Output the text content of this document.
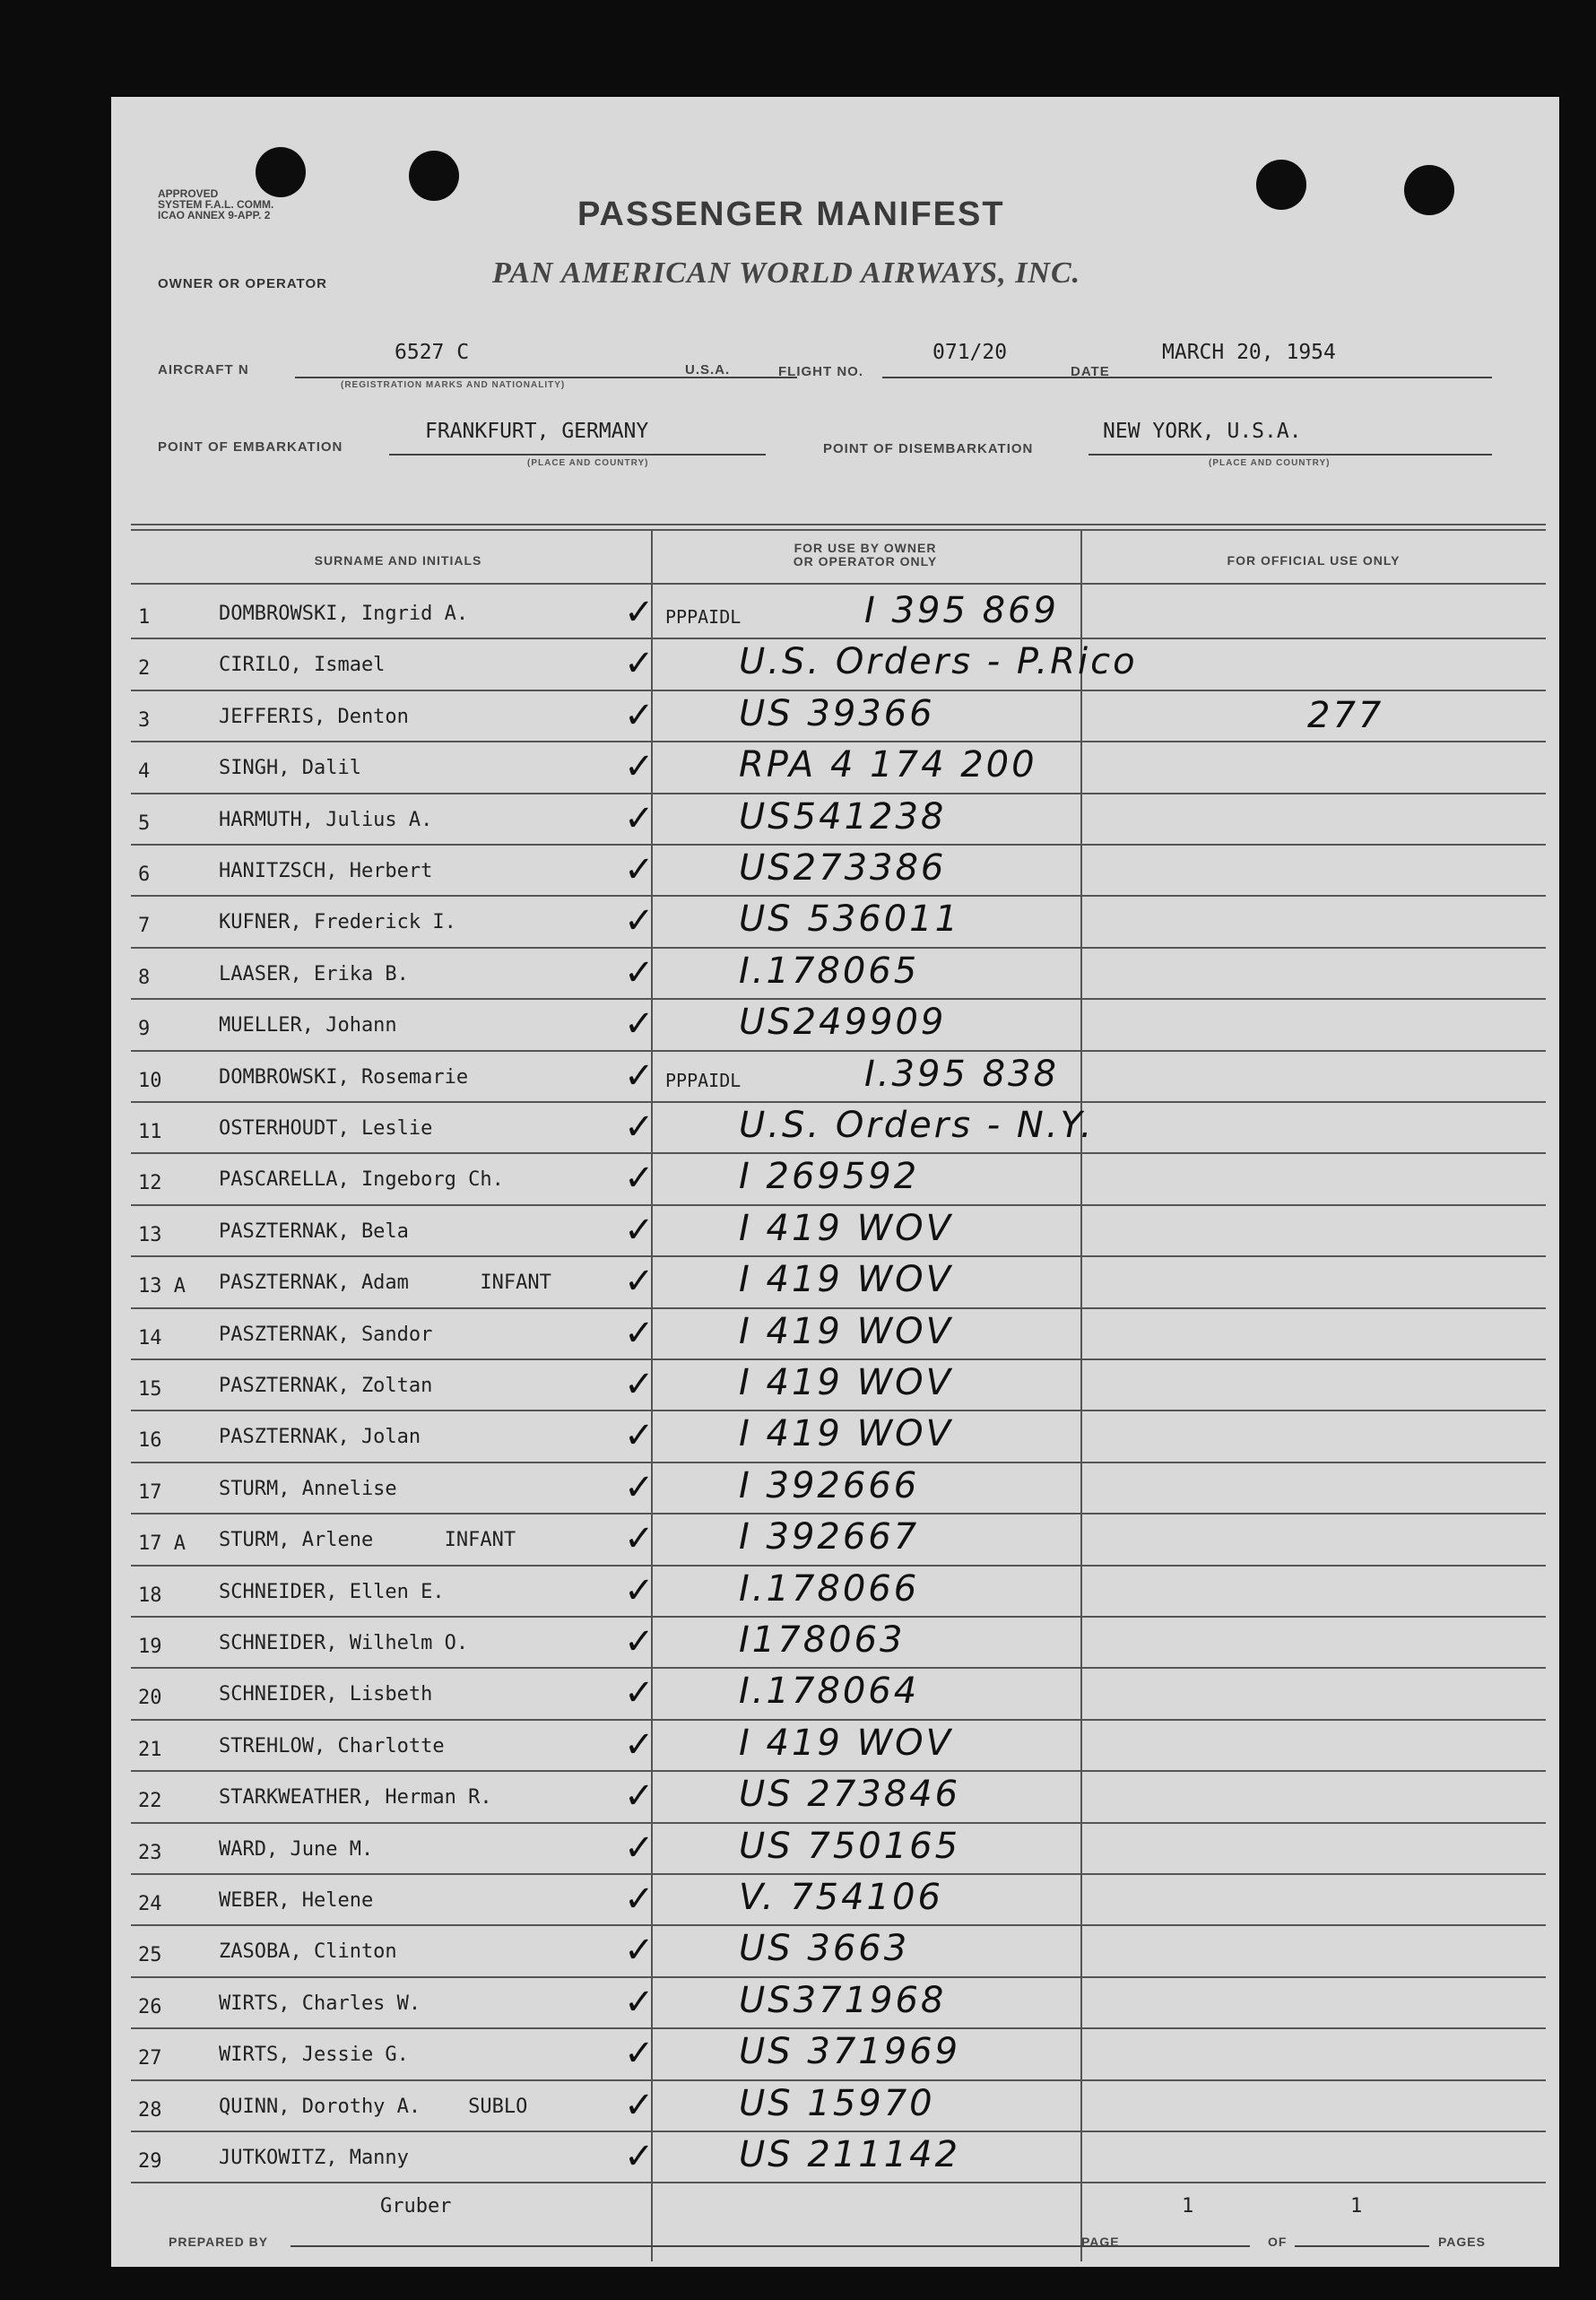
APPROVED
SYSTEM F.A.L. COMM.
ICAO ANNEX 9-APP. 2	PASSENGER MANIFEST
OWNER OR OPERATOR	PAN AMERICAN WORLD AIRWAYS, INC.
AIRCRAFT N
6527 C
(REGISTRATION MARKS AND NATIONALITY)
U.S.A.	FLIGHT NO.
071/20
DATE
MARCH 20, 1954
POINT OF EMBARKATION
FRANKFURT, GERMANY
(PLACE AND COUNTRY)
POINT OF DISEMBARKATION
NEW YORK, U.S.A.
(PLACE AND COUNTRY)
SURNAME AND INITIALS
FOR USE BY OWNER
OR OPERATOR ONLY	FOR OFFICIAL USE ONLY
1	DOMBROWSKI, Ingrid A.	✓ PPPAIDL	I 395 869
2	CIRILO, Ismael	✓ U.S. Orders - P.Rico
3	JEFFERIS, Denton	✓ US 39366	277
4	SINGH, Dalil	✓ RPA 4 174 200
5	HARMUTH, Julius A.	✓ US541238
6	HANITZSCH, Herbert	✓ US273386
7	KUFNER, Frederick I.	✓ US 536011
8	LAASER, Erika B.	✓ I.178065
9	MUELLER, Johann	✓ US249909
10	DOMBROWSKI, Rosemarie	✓ PPPAIDL	I.395 838
11	OSTERHOUDT, Leslie	✓ U.S. Orders - N.Y.
12	PASCARELLA, Ingeborg Ch.	✓ I 269592
13	PASZTERNAK, Bela	✓ I 419 WOV
13 A	PASZTERNAK, Adam      INFANT ✓ I 419 WOV
14	PASZTERNAK, Sandor	✓ I 419 WOV
15	PASZTERNAK, Zoltan	✓ I 419 WOV
16	PASZTERNAK, Jolan	✓ I 419 WOV
17	STURM, Annelise	✓ I 392666
17 A	STURM, Arlene      INFANT	✓ I 392667
18	SCHNEIDER, Ellen E.	✓ I.178066
19	SCHNEIDER, Wilhelm O.	✓ I178063
20	SCHNEIDER, Lisbeth	✓ I.178064
21	STREHLOW, Charlotte	✓ I 419 WOV
22	STARKWEATHER, Herman R.	✓ US 273846
23	WARD, June M.	✓ US 750165
24	WEBER, Helene	✓ V. 754106
25	ZASOBA, Clinton	✓ US 3663
26	WIRTS, Charles W.	✓ US371968
27	WIRTS, Jessie G.	✓ US 371969
28	QUINN, Dorothy A.    SUBLO	✓ US 15970
29	JUTKOWITZ, Manny	✓ US 211142
Gruber
PREPARED BY
1
PAGE	OF
1
PAGES
